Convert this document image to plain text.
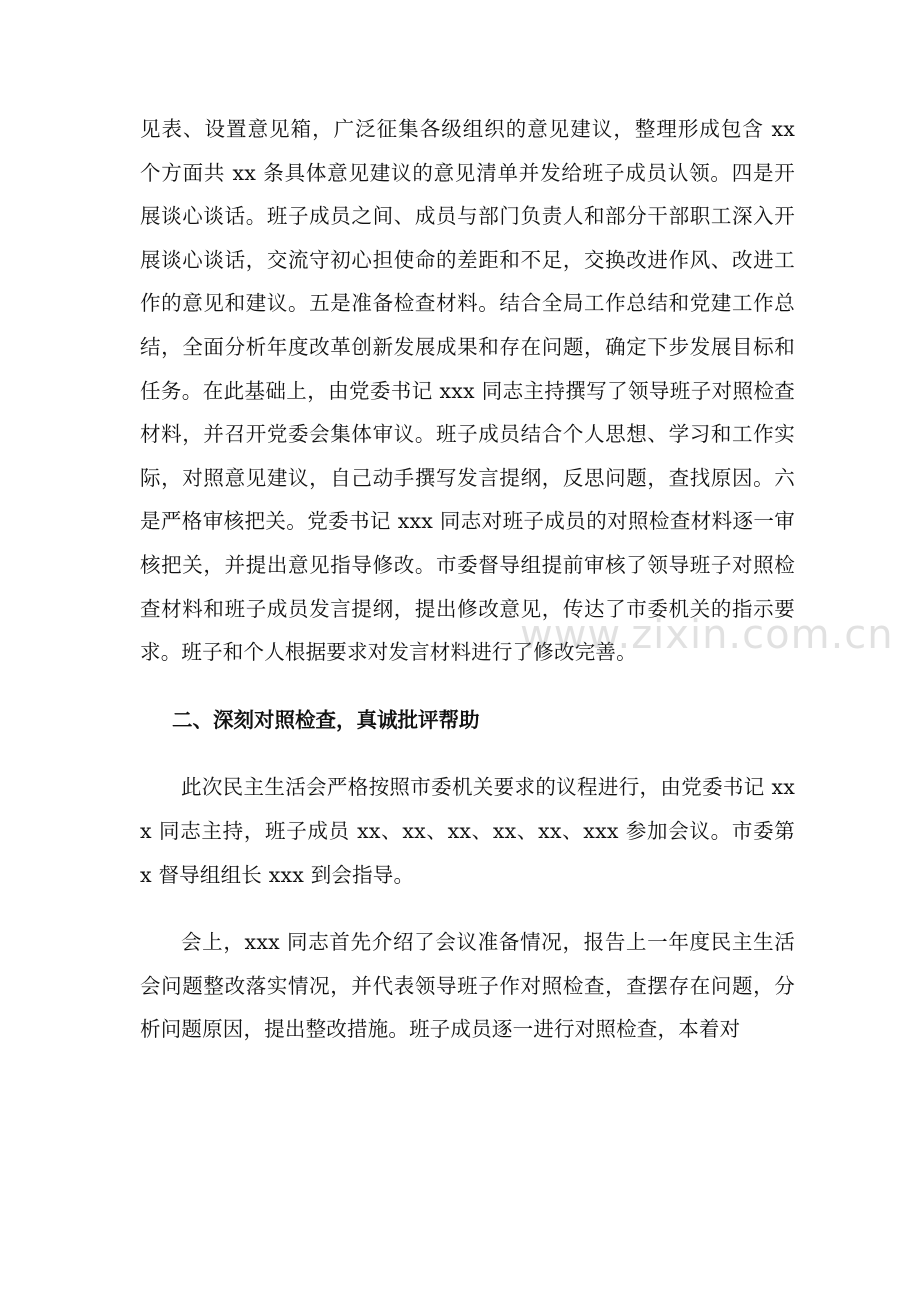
见表、设置意见箱，广泛征集各级组织的意见建议，整理形成包含 xx 个方面共 xx 条具体意见建议的意见清单并发给班子成员认领。四是开展谈心谈话。班子成员之间、成员与部门负责人和部分干部职工深入开展谈心谈话，交流守初心担使命的差距和不足，交换改进作风、改进工作的意见和建议。五是准备检查材料。结合全局工作总结和党建工作总结，全面分析年度改革创新发展成果和存在问题，确定下步发展目标和任务。在此基础上，由党委书记 xxx 同志主持撰写了领导班子对照检查材料，并召开党委会集体审议。班子成员结合个人思想、学习和工作实际，对照意见建议，自己动手撰写发言提纲，反思问题，查找原因。六是严格审核把关。党委书记 xxx 同志对班子成员的对照检查材料逐一审核把关，并提出意见指导修改。市委督导组提前审核了领导班子对照检查材料和班子成员发言提纲，提出修改意见，传达了市委机关的指示要求。班子和个人根据要求对发言材料进行了修改完善。

二、深刻对照检查，真诚批评帮助

此次民主生活会严格按照市委机关要求的议程进行，由党委书记 xxx 同志主持，班子成员 xx、xx、xx、xx、xx、xxx 参加会议。市委第 x 督导组组长 xxx 到会指导。

会上，xxx 同志首先介绍了会议准备情况，报告上一年度民主生活会问题整改落实情况，并代表领导班子作对照检查，查摆存在问题，分析问题原因，提出整改措施。班子成员逐一进行对照检查，本着对

www.zixin.com.cn
